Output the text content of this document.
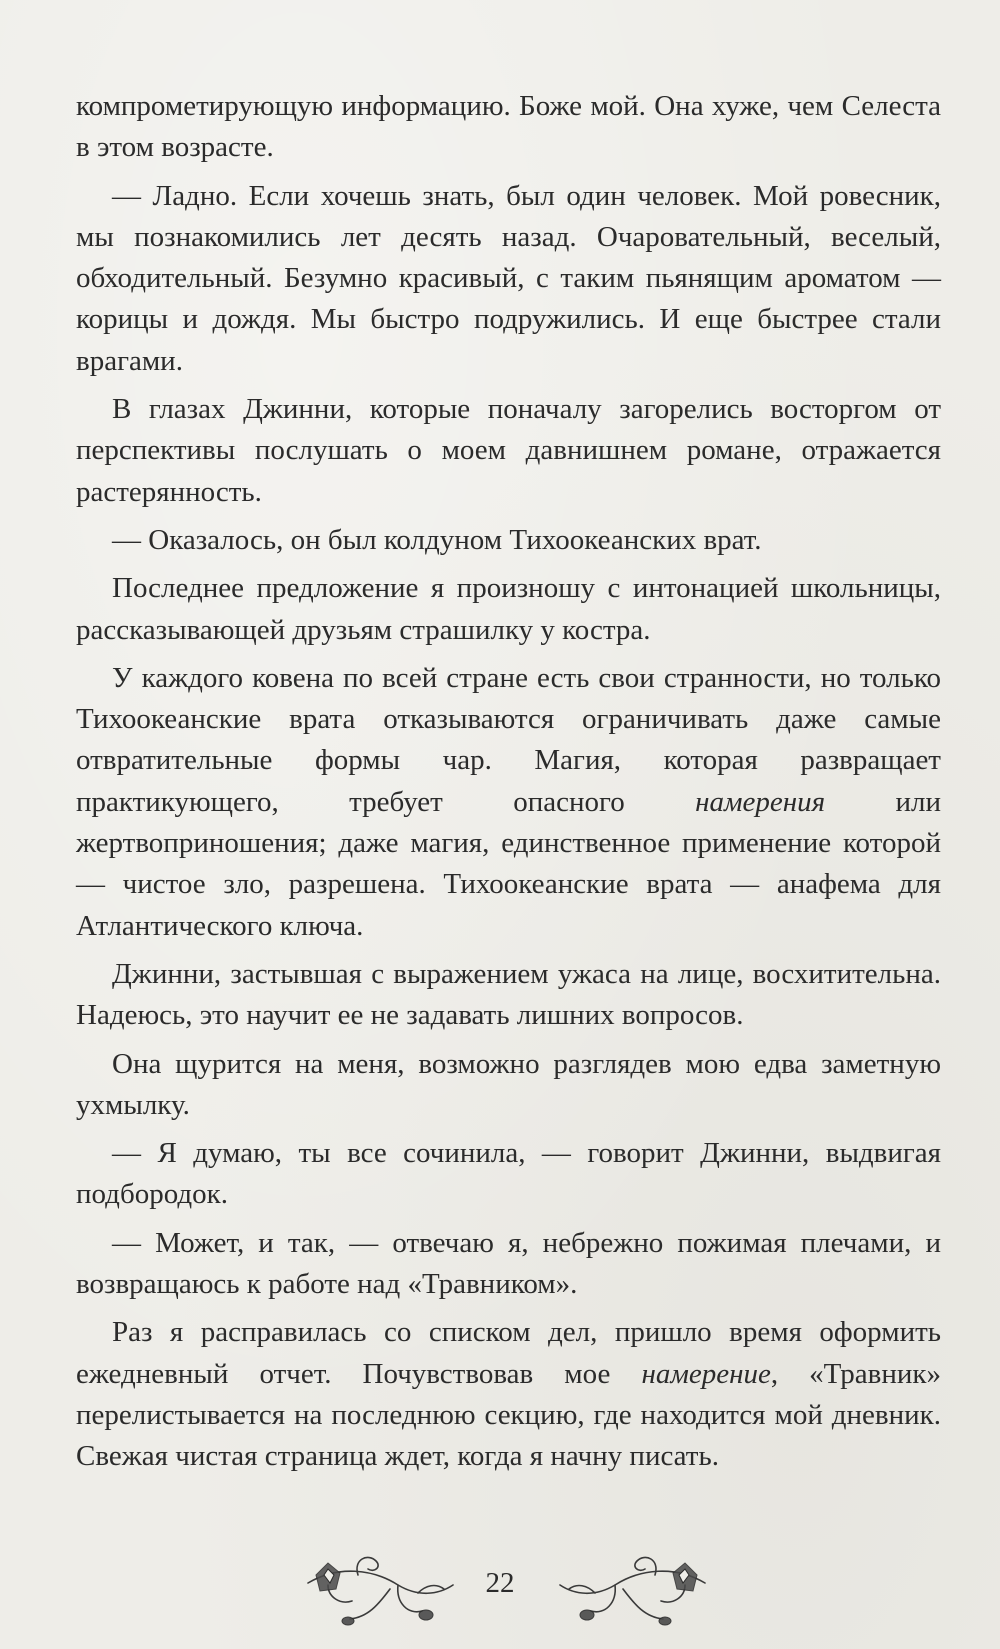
компрометирующую информацию. Боже мой. Она хуже, чем Селеста в этом возрасте.

— Ладно. Если хочешь знать, был один человек. Мой ровесник, мы познакомились лет десять назад. Очаровательный, веселый, обходительный. Безумно красивый, с таким пьянящим ароматом — корицы и дождя. Мы быстро подружились. И еще быстрее стали врагами.

В глазах Джинни, которые поначалу загорелись восторгом от перспективы послушать о моем давнишнем романе, отражается растерянность.

— Оказалось, он был колдуном Тихоокеанских врат.

Последнее предложение я произношу с интонацией школьницы, рассказывающей друзьям страшилку у костра.

У каждого ковена по всей стране есть свои странности, но только Тихоокеанские врата отказываются ограничивать даже самые отвратительные формы чар. Магия, которая развращает практикующего, требует опасного намерения или жертвоприношения; даже магия, единственное применение которой — чистое зло, разрешена. Тихоокеанские врата — анафема для Атлантического ключа.

Джинни, застывшая с выражением ужаса на лице, восхитительна. Надеюсь, это научит ее не задавать лишних вопросов.

Она щурится на меня, возможно разглядев мою едва заметную ухмылку.

— Я думаю, ты все сочинила, — говорит Джинни, выдвигая подбородок.

— Может, и так, — отвечаю я, небрежно пожимая плечами, и возвращаюсь к работе над «Травником».

Раз я расправилась со списком дел, пришло время оформить ежедневный отчет. Почувствовав мое намерение, «Травник» перелистывается на последнюю секцию, где находится мой дневник. Свежая чистая страница ждет, когда я начну писать.

22
